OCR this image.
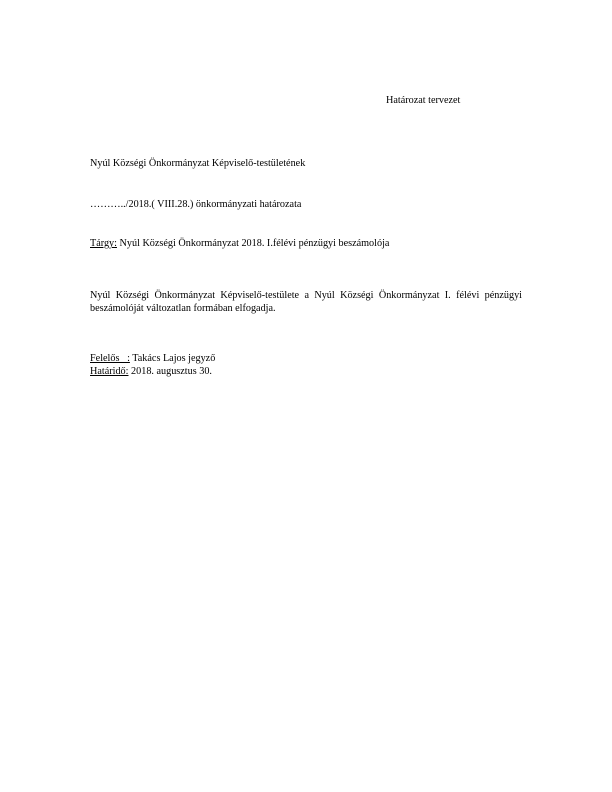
Határozat tervezet
Nyúl Községi Önkormányzat Képviselő-testületének
………../2018.( VIII.28.) önkormányzati határozata
Tárgy: Nyúl Községi Önkormányzat 2018. I.félévi pénzügyi beszámolója
Nyúl Községi Önkormányzat Képviselő-testülete a Nyúl Községi Önkormányzat I. félévi pénzügyi beszámolóját változatlan formában elfogadja.
Felelős   : Takács Lajos jegyző
Határidő: 2018. augusztus 30.
